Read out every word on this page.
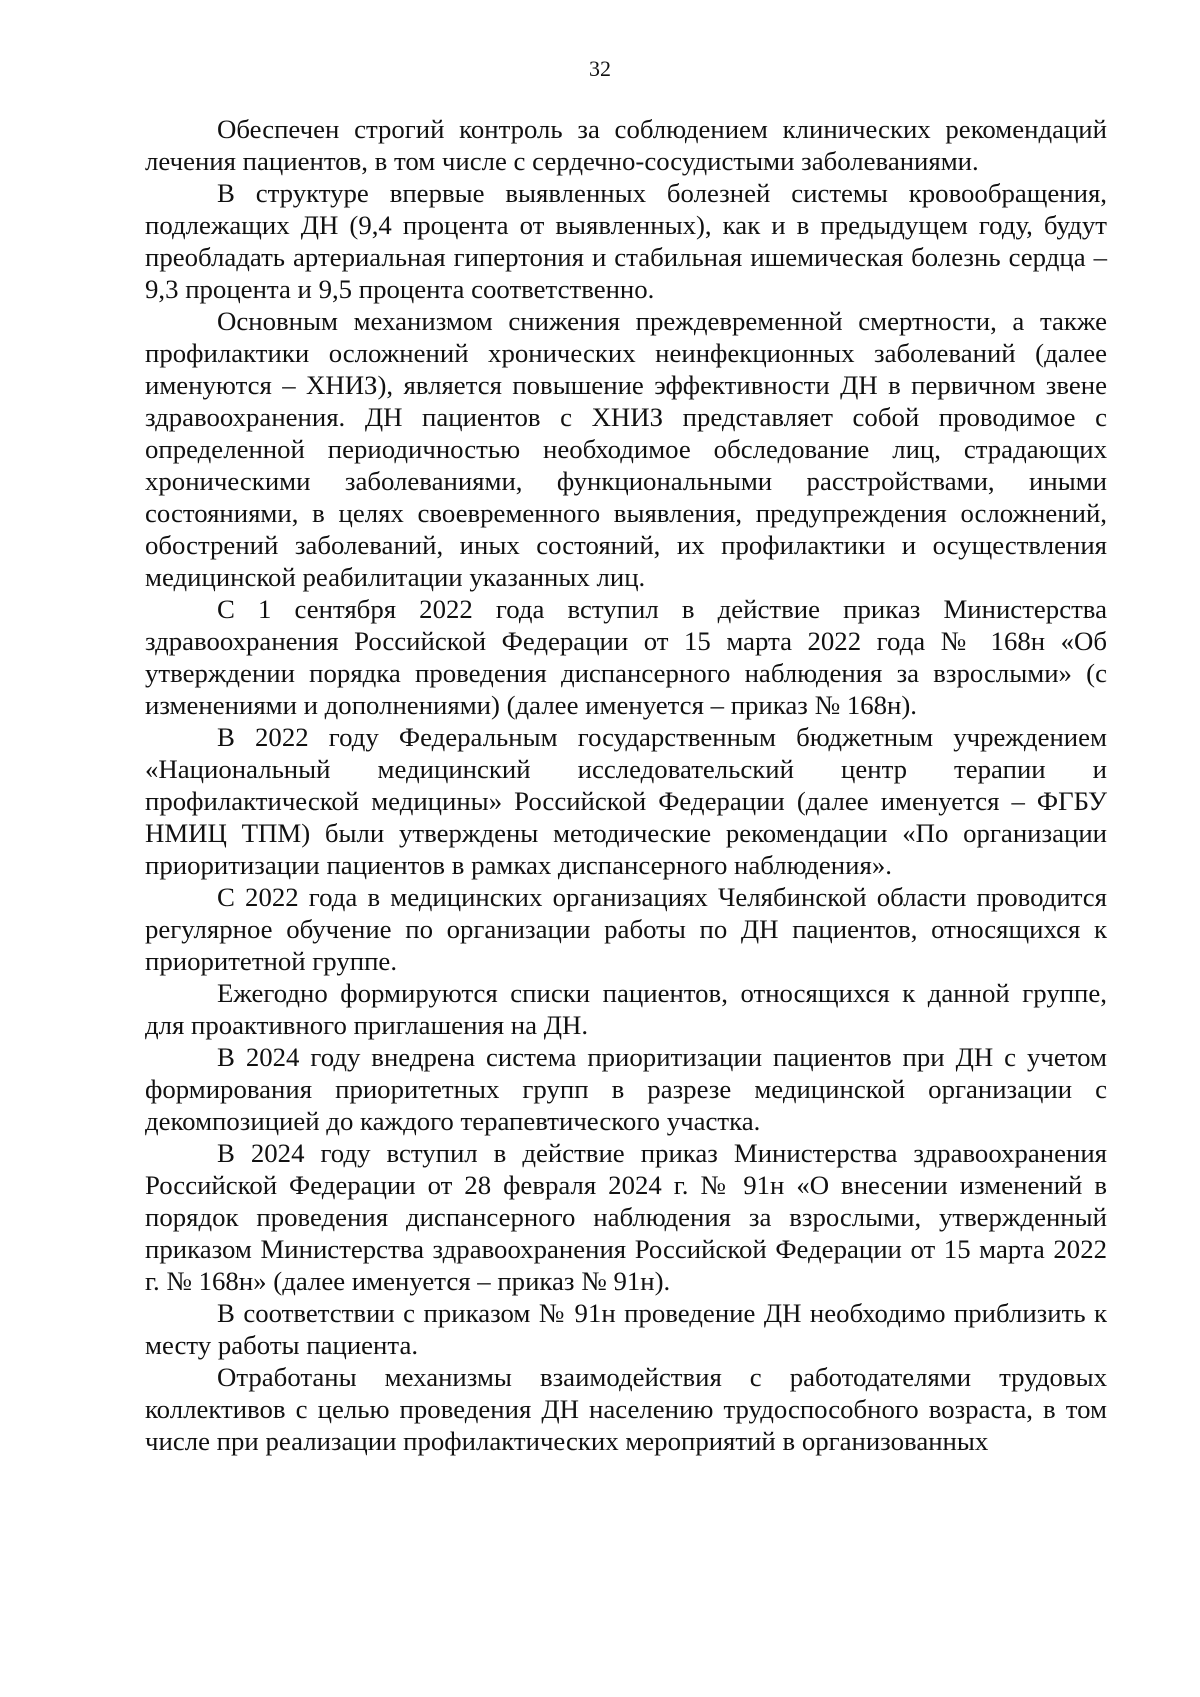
32

Обеспечен строгий контроль за соблюдением клинических рекомендаций лечения пациентов, в том числе с сердечно-сосудистыми заболеваниями.

В структуре впервые выявленных болезней системы кровообращения, подлежащих ДН (9,4 процента от выявленных), как и в предыдущем году, будут преобладать артериальная гипертония и стабильная ишемическая болезнь сердца – 9,3 процента и 9,5 процента соответственно.

Основным механизмом снижения преждевременной смертности, а также профилактики осложнений хронических неинфекционных заболеваний (далее именуются – ХНИЗ), является повышение эффективности ДН в первичном звене здравоохранения. ДН пациентов с ХНИЗ представляет собой проводимое с определенной периодичностью необходимое обследование лиц, страдающих хроническими заболеваниями, функциональными расстройствами, иными состояниями, в целях своевременного выявления, предупреждения осложнений, обострений заболеваний, иных состояний, их профилактики и осуществления медицинской реабилитации указанных лиц.

С 1 сентября 2022 года вступил в действие приказ Министерства здравоохранения Российской Федерации от 15 марта 2022 года № 168н «Об утверждении порядка проведения диспансерного наблюдения за взрослыми» (с изменениями и дополнениями) (далее именуется – приказ № 168н).

В 2022 году Федеральным государственным бюджетным учреждением «Национальный медицинский исследовательский центр терапии и профилактической медицины» Российской Федерации (далее именуется – ФГБУ НМИЦ ТПМ) были утверждены методические рекомендации «По организации приоритизации пациентов в рамках диспансерного наблюдения».

С 2022 года в медицинских организациях Челябинской области проводится регулярное обучение по организации работы по ДН пациентов, относящихся к приоритетной группе.

Ежегодно формируются списки пациентов, относящихся к данной группе, для проактивного приглашения на ДН.

В 2024 году внедрена система приоритизации пациентов при ДН с учетом формирования приоритетных групп в разрезе медицинской организации с декомпозицией до каждого терапевтического участка.

В 2024 году вступил в действие приказ Министерства здравоохранения Российской Федерации от 28 февраля 2024 г. № 91н «О внесении изменений в порядок проведения диспансерного наблюдения за взрослыми, утвержденный приказом Министерства здравоохранения Российской Федерации от 15 марта 2022 г. № 168н» (далее именуется – приказ № 91н).

В соответствии с приказом № 91н проведение ДН необходимо приблизить к месту работы пациента.

Отработаны механизмы взаимодействия с работодателями трудовых коллективов с целью проведения ДН населению трудоспособного возраста, в том числе при реализации профилактических мероприятий в организованных
